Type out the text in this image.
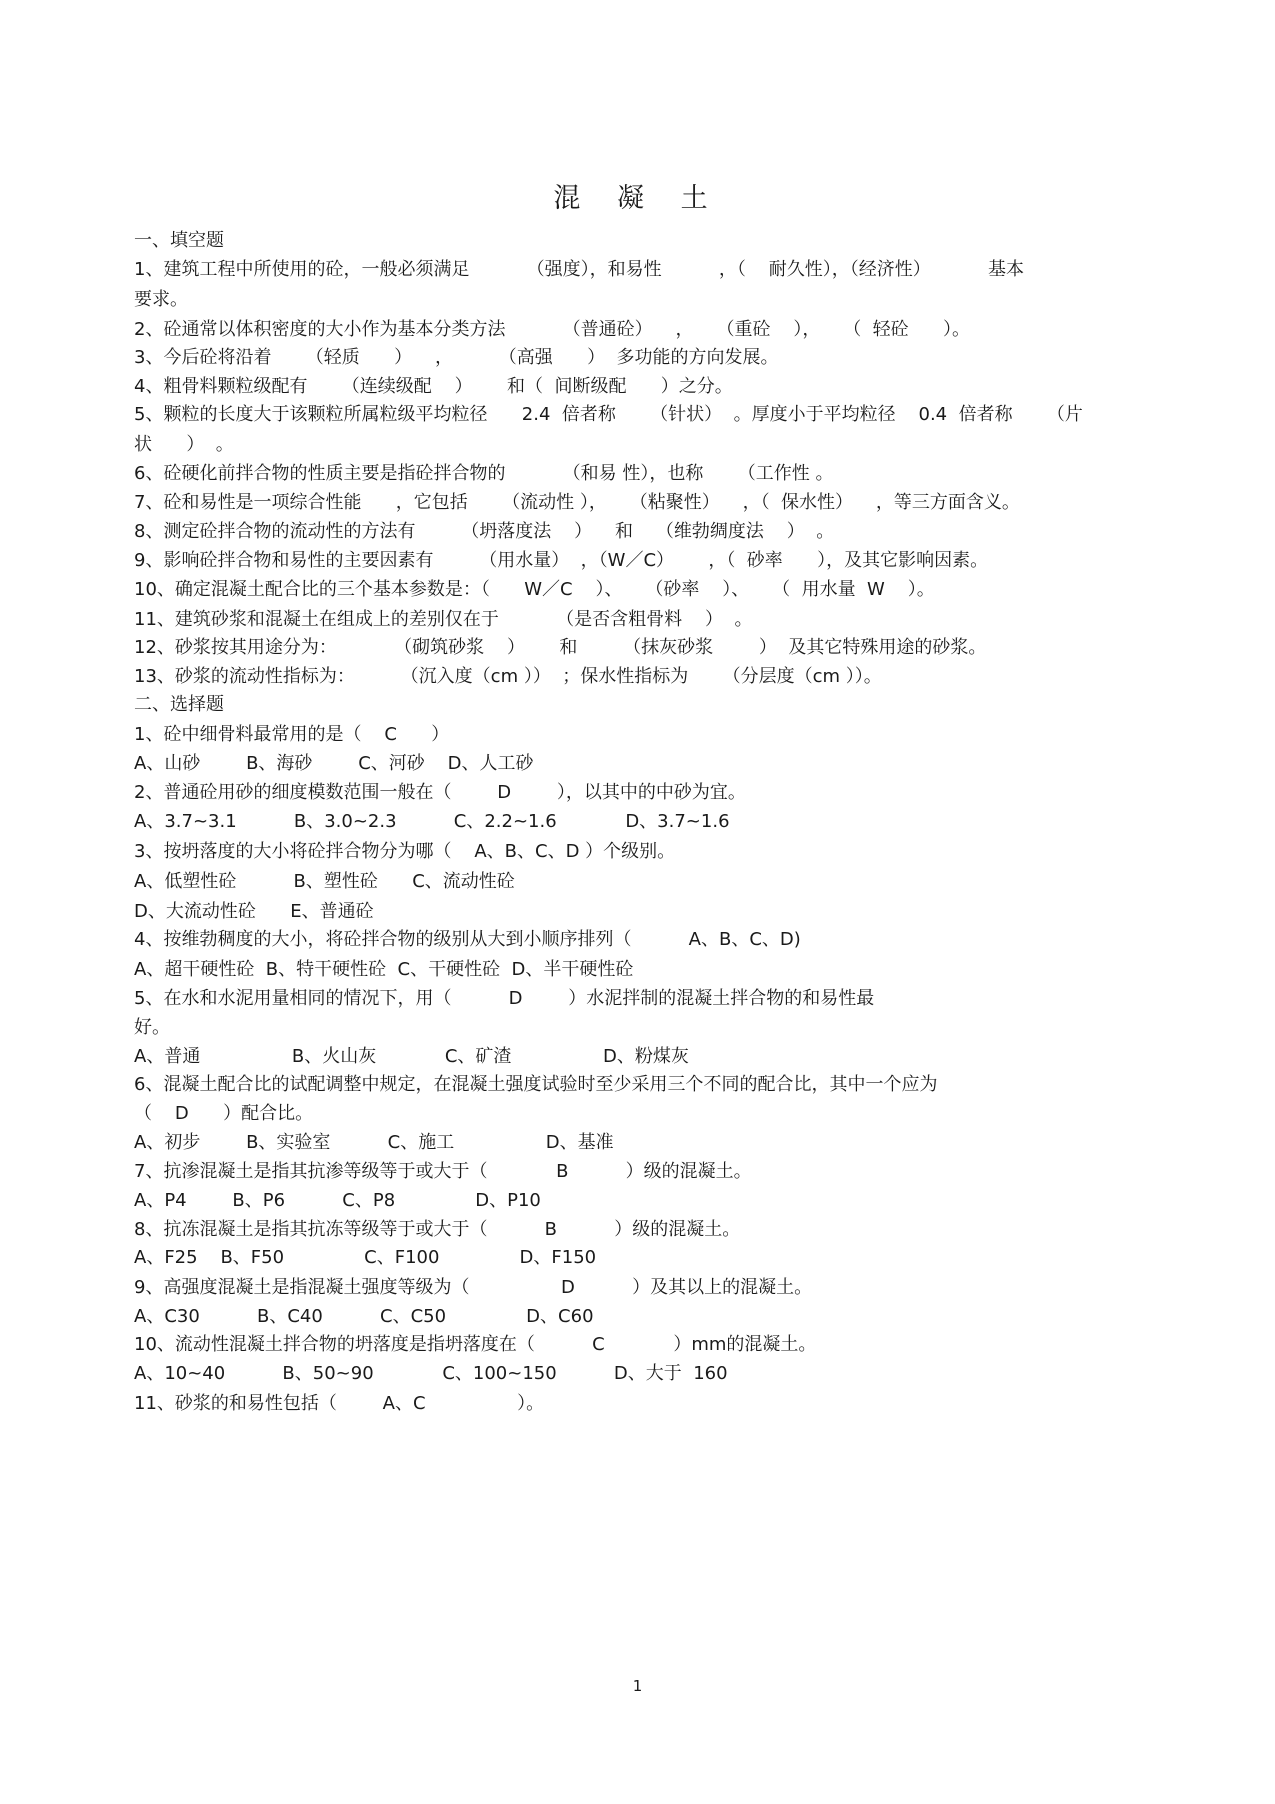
混 凝 土
一、填空题
1、建筑工程中所使用的砼，一般必须满足          （强度），和易性          ，（    耐久性），（经济性）          基本
要求。
2、砼通常以体积密度的大小作为基本分类方法          （普通砼）    ，    （重砼    ），    （  轻砼      ）。
3、今后砼将沿着      （轻质      ）    ，        （高强      ）  多功能的方向发展。
4、粗骨料颗粒级配有      （连续级配    ）      和（  间断级配      ）之分。
5、颗粒的长度大于该颗粒所属粒级平均粒径      2.4  倍者称      （针状）  。厚度小于平均粒径    0.4  倍者称      （片
状      ）  。
6、砼硬化前拌合物的性质主要是指砼拌合物的          （和易 性），也称      （工作性 。
7、砼和易性是一项综合性能      ，它包括      （流动性 ），    （粘聚性）    ，（  保水性）    ，等三方面含义。
8、测定砼拌合物的流动性的方法有        （坍落度法    ）    和    （维勃绸度法    ）  。
9、影响砼拌合物和易性的主要因素有        （用水量）  ，（W／C）      ，（  砂率      ），及其它影响因素。
10、确定混凝土配合比的三个基本参数是：（      W／C    ）、    （砂率    ）、    （  用水量  W    ）。
11、建筑砂浆和混凝土在组成上的差别仅在于          （是否含粗骨料    ）  。
12、砂浆按其用途分为：          （砌筑砂浆    ）      和        （抹灰砂浆        ）  及其它特殊用途的砂浆。
13、砂浆的流动性指标为：        （沉入度（cm ））  ；保水性指标为      （分层度（cm ））。
二、选择题
1、砼中细骨料最常用的是（    C      ）
A、山砂        B、海砂        C、河砂    D、人工砂
2、普通砼用砂的细度模数范围一般在（        D        ），以其中的中砂为宜。
A、3.7~3.1          B、3.0~2.3          C、2.2~1.6            D、3.7~1.6
3、按坍落度的大小将砼拌合物分为哪（    A、B、C、D ）个级别。
A、低塑性砼          B、塑性砼      C、流动性砼
D、大流动性砼      E、普通砼
4、按维勃稠度的大小，将砼拌合物的级别从大到小顺序排列（          A、B、C、D)
A、超干硬性砼  B、特干硬性砼  C、干硬性砼  D、半干硬性砼
5、在水和水泥用量相同的情况下，用（          D        ）水泥拌制的混凝土拌合物的和易性最
好。
A、普通                B、火山灰            C、矿渣                D、粉煤灰
6、混凝土配合比的试配调整中规定，在混凝土强度试验时至少采用三个不同的配合比，其中一个应为
（    D      ）配合比。
A、初步        B、实验室          C、施工                D、基准
7、抗渗混凝土是指其抗渗等级等于或大于（            B          ）级的混凝土。
A、P4        B、P6          C、P8              D、P10
8、抗冻混凝土是指其抗冻等级等于或大于（          B          ）级的混凝土。
A、F25    B、F50              C、F100              D、F150
9、高强度混凝土是指混凝土强度等级为（                D          ）及其以上的混凝土。
A、C30          B、C40          C、C50              D、C60
10、流动性混凝土拌合物的坍落度是指坍落度在（          C            ）mm的混凝土。
A、10~40          B、50~90            C、100~150          D、大于  160
11、砂浆的和易性包括（        A、C                ）。
1
